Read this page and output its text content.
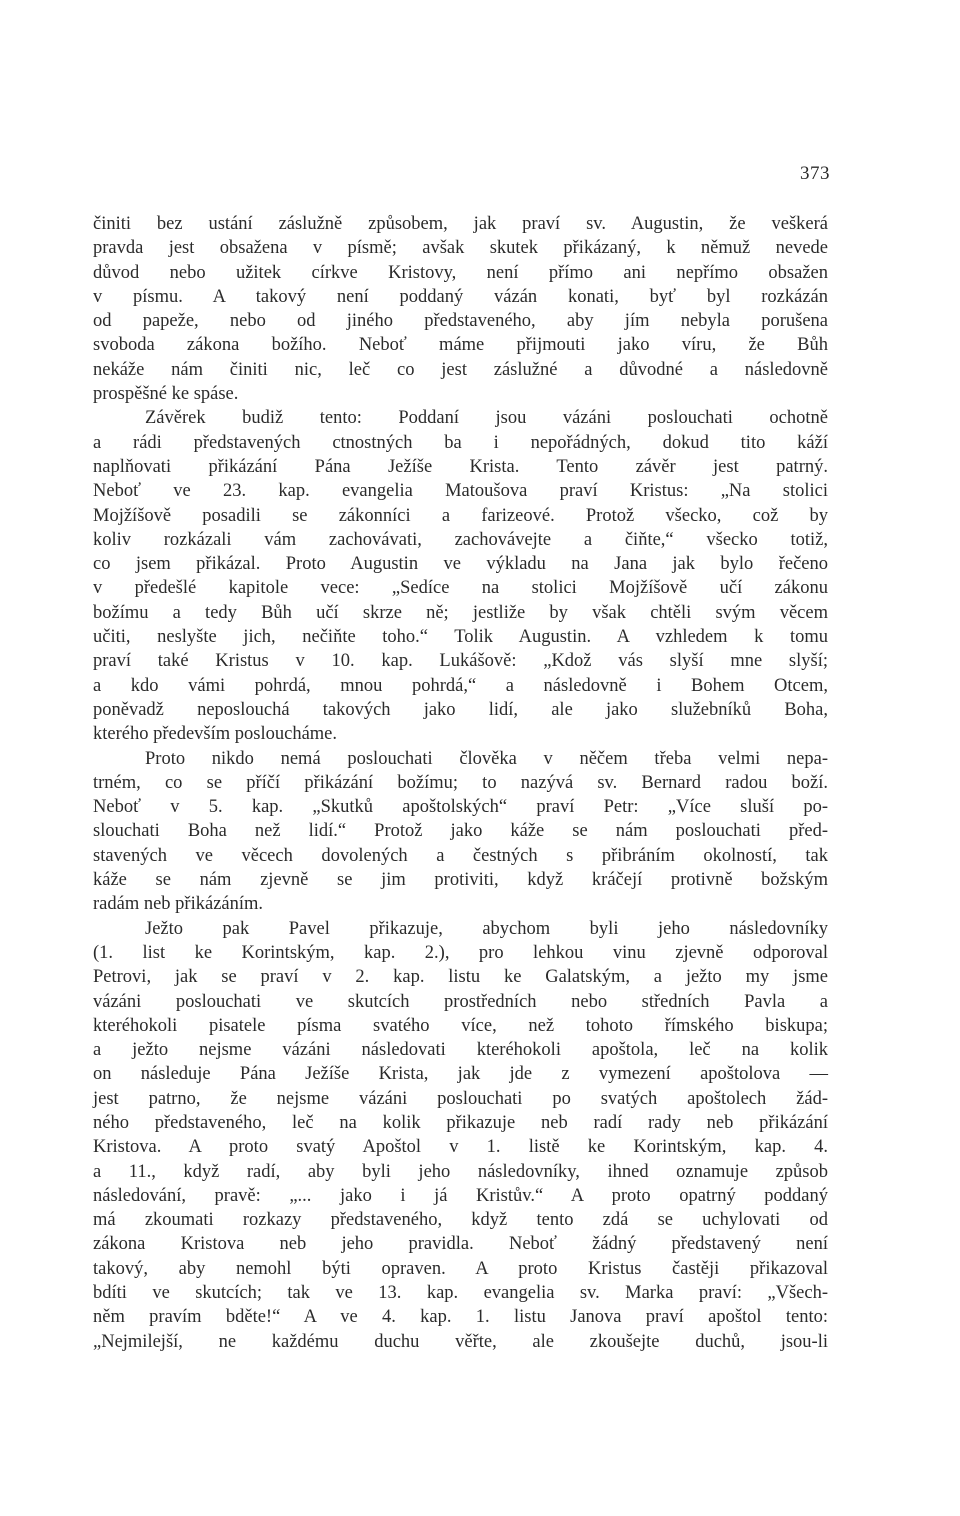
373
činiti bez ustání záslužně způsobem, jak praví sv. Augustin, že veškerá
pravda jest obsažena v písmě; avšak skutek přikázaný, k němuž nevede
důvod nebo užitek církve Kristovy, není přímo ani nepřímo obsažen
v písmu. A takový není poddaný vázán konati, byť byl rozkázán
od papeže, nebo od jiného představeného, aby jím nebyla porušena
svoboda zákona božího. Neboť máme přijmouti jako víru, že Bůh
nekáže nám činiti nic, leč co jest záslužné a důvodné a následovně
prospěšné ke spáse.
Závěrek budiž tento: Poddaní jsou vázáni poslouchati ochotně
a rádi představených ctnostných ba i nepořádných, dokud tito káží
naplňovati přikázání Pána Ježíše Krista. Tento závěr jest patrný.
Neboť ve 23. kap. evangelia Matoušova praví Kristus: „Na stolici
Mojžíšově posadili se zákonníci a farizeové. Protož všecko, což by
koliv rozkázali vám zachovávati, zachovávejte a čiňte,“ všecko totiž,
co jsem přikázal. Proto Augustin ve výkladu na Jana jak bylo řečeno
v předešlé kapitole vece: „Sedíce na stolici Mojžíšově učí zákonu
božímu a tedy Bůh učí skrze ně; jestliže by však chtěli svým věcem
učiti, neslyšte jich, nečiňte toho.“ Tolik Augustin. A vzhledem k tomu
praví také Kristus v 10. kap. Lukášově: „Kdož vás slyší mne slyší;
a kdo vámi pohrdá, mnou pohrdá,“ a následovně i Bohem Otcem,
poněvadž neposlouchá takových jako lidí, ale jako služebníků Boha,
kterého především posloucháme.
Proto nikdo nemá poslouchati člověka v něčem třeba velmi nepa-
trném, co se příčí přikázání božímu; to nazývá sv. Bernard radou boží.
Neboť v 5. kap. „Skutků apoštolských“ praví Petr: „Více sluší po-
slouchati Boha než lidí.“ Protož jako káže se nám poslouchati před-
stavených ve věcech dovolených a čestných s přibráním okolností, tak
káže se nám zjevně se jim protiviti, když kráčejí protivně božským
radám neb přikázáním.
Ježto pak Pavel přikazuje, abychom byli jeho následovníky
(1. list ke Korintským, kap. 2.), pro lehkou vinu zjevně odporoval
Petrovi, jak se praví v 2. kap. listu ke Galatským, a ježto my jsme
vázáni poslouchati ve skutcích prostředních nebo středních Pavla a
kteréhokoli pisatele písma svatého více, než tohoto římského biskupa;
a ježto nejsme vázáni následovati kteréhokoli apoštola, leč na kolik
on následuje Pána Ježíše Krista, jak jde z vymezení apoštolova —
jest patrno, že nejsme vázáni poslouchati po svatých apoštolech žád-
ného představeného, leč na kolik přikazuje neb radí rady neb přikázání
Kristova. A proto svatý Apoštol v 1. listě ke Korintským, kap. 4.
a 11., když radí, aby byli jeho následovníky, ihned oznamuje způsob
následování, pravě: „... jako i já Kristův.“ A proto opatrný poddaný
má zkoumati rozkazy představeného, když tento zdá se uchylovati od
zákona Kristova neb jeho pravidla. Neboť žádný představený není
takový, aby nemohl býti opraven. A proto Kristus častěji přikazoval
bdíti ve skutcích; tak ve 13. kap. evangelia sv. Marka praví: „Všech-
něm pravím bděte!“ A ve 4. kap. 1. listu Janova praví apoštol tento:
„Nejmilejší, ne každému duchu věřte, ale zkoušejte duchů, jsou-li
